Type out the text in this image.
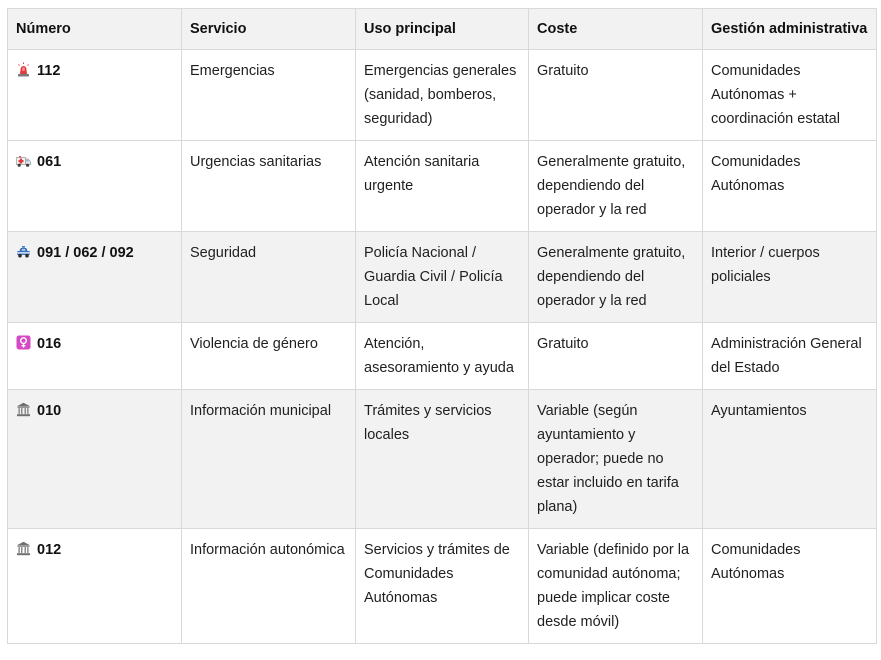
Número	Servicio	Uso principal	Coste	Gestión administrativa

112	Emergencias	Emergencias generales (sanidad, bomberos, seguridad)	Gratuito	Comunidades Autónomas + coordinación estatal

061	Urgencias sanitarias	Atención sanitaria urgente	Generalmente gratuito, dependiendo del operador y la red	Comunidades Autónomas

091 / 062 / 092	Seguridad	Policía Nacional / Guardia Civil / Policía Local	Generalmente gratuito, dependiendo del operador y la red	Interior / cuerpos policiales

016	Violencia de género	Atención, asesoramiento y ayuda	Gratuito	Administración General del Estado

010	Información municipal	Trámites y servicios locales	Variable (según ayuntamiento y operador; puede no estar incluido en tarifa plana)	Ayuntamientos

012	Información autonómica	Servicios y trámites de Comunidades Autónomas	Variable (definido por la comunidad autónoma; puede implicar coste desde móvil)	Comunidades Autónomas
